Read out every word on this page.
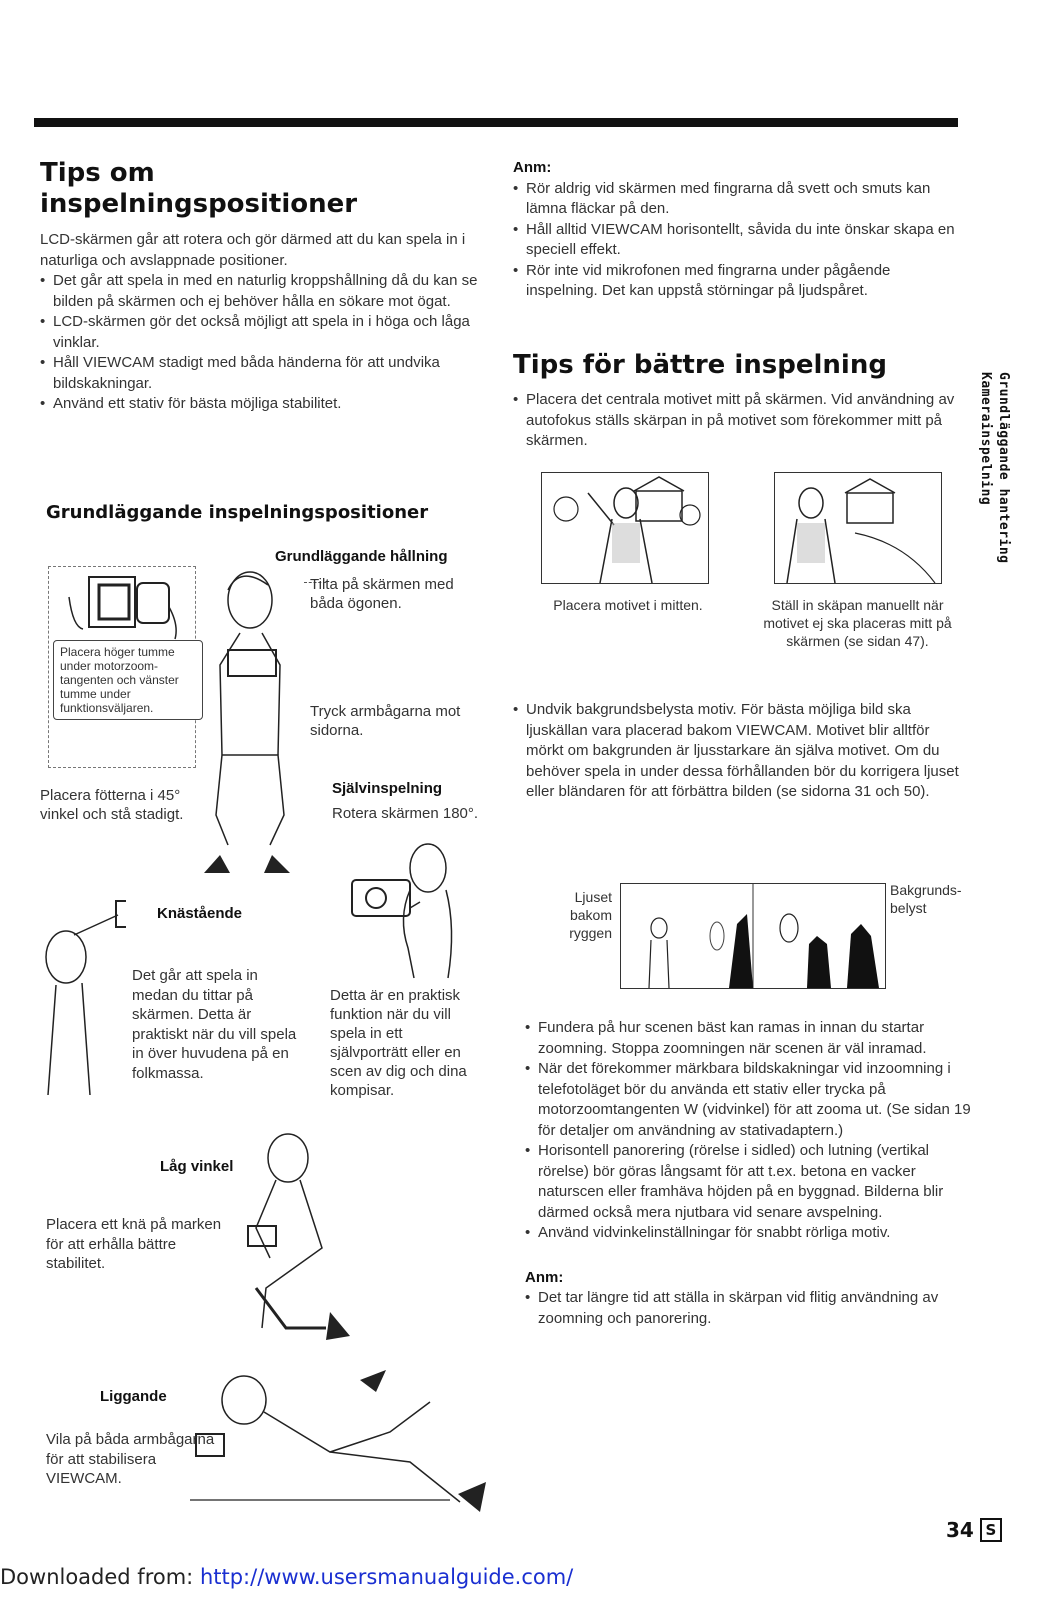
Tips om
inspelningspositioner

LCD-skärmen går att rotera och gör därmed att du kan spela in i naturliga och avslappnade positioner.

• Det går att spela in med en naturlig kroppshållning då du kan se bilden på skärmen och ej behöver hålla en sökare mot ögat.
• LCD-skärmen gör det också möjligt att spela in i höga och låga vinklar.
• Håll VIEWCAM stadigt med båda händerna för att undvika bildskakningar.
• Använd ett stativ för bästa möjliga stabilitet.
Grundläggande inspelningspositioner
Placera höger tumme under motorzoom-tangenten och vänster tumme under funktionsväljaren.
Grundläggande hållning
Tilta på skärmen med båda ögonen.
Tryck armbågarna mot sidorna.
Placera fötterna i 45° vinkel och stå stadigt.
Självinspelning
Rotera skärmen 180°.
Detta är en praktisk funktion när du vill spela in ett självporträtt eller en scen av dig och dina kompisar.
Knästående
Det går att spela in medan du tittar på skärmen. Detta är praktiskt när du vill spela in över huvudena på en folkmassa.
Låg vinkel
Placera ett knä på marken för att erhålla bättre stabilitet.
Liggande
Vila på båda armbågarna för att stabilisera VIEWCAM.

Anm:

• Rör aldrig vid skärmen med fingrarna då svett och smuts kan lämna fläckar på den.
• Håll alltid VIEWCAM horisontellt, såvida du inte önskar skapa en speciell effekt.
• Rör inte vid mikrofonen med fingrarna under pågående inspelning. Det kan uppstå störningar på ljudspåret.
Tips för bättre inspelning
• Placera det centrala motivet mitt på skärmen. Vid användning av autofokus ställs skärpan in på motivet som förekommer mitt på skärmen.
Placera motivet i mitten.	Ställ in skäpan manuellt när motivet ej ska placeras mitt på skärmen (se sidan 47).
• Undvik bakgrundsbelysta motiv. För bästa möjliga bild ska ljuskällan vara placerad bakom VIEWCAM. Motivet blir alltför mörkt om bakgrunden är ljusstarkare än själva motivet. Om du behöver spela in under dessa förhållanden bör du korrigera ljuset eller bländaren för att förbättra bilden (se sidorna 31 och 50).
Ljuset
bakom
ryggen
Bakgrunds-
belyst
• Fundera på hur scenen bäst kan ramas in innan du startar zoomning. Stoppa zoomningen när scenen är väl inramad.
• När det förekommer märkbara bildskakningar vid inzoomning i telefotoläget bör du använda ett stativ eller trycka på motorzoomtangenten W (vidvinkel) för att zooma ut. (Se sidan 19 för detaljer om användning av stativadaptern.)
• Horisontell panorering (rörelse i sidled) och lutning (vertikal rörelse) bör göras långsamt för att t.ex. betona en vacker naturscen eller framhäva höjden på en byggnad. Bilderna blir därmed också mera njutbara vid senare avspelning.
• Använd vidvinkelinställningar för snabbt rörliga motiv.

Anm:

• Det tar längre tid att ställa in skärpan vid flitig användning av zoomning och panorering.
Grundläggande hantering
Kamerainspelning
34 S
Downloaded from: http://www.usersmanualguide.com/
